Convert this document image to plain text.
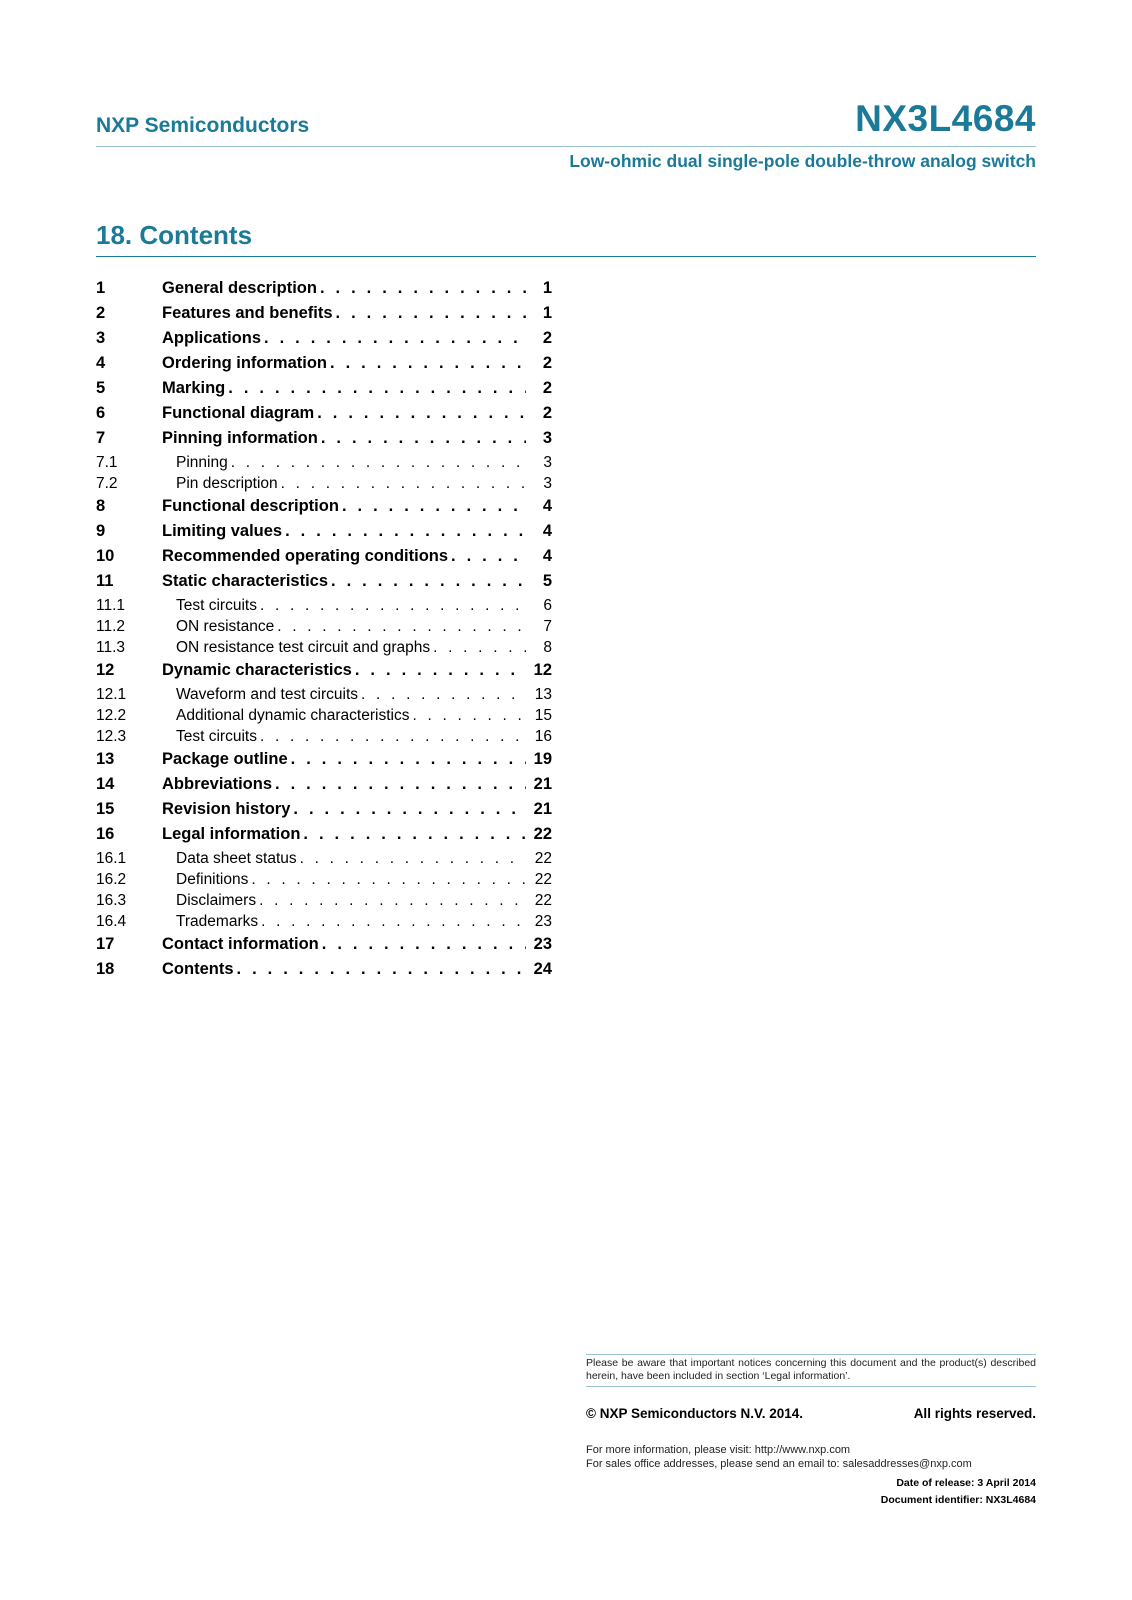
NXP Semiconductors	NX3L4684
Low-ohmic dual single-pole double-throw analog switch
18. Contents
1	General description . . .	1
2	Features and benefits . . .	1
3	Applications . . .	2
4	Ordering information . . .	2
5	Marking . . .	2
6	Functional diagram . . .	2
7	Pinning information . . .	3
7.1	Pinning . . .	3
7.2	Pin description . . .	3
8	Functional description . . .	4
9	Limiting values . . .	4
10	Recommended operating conditions . . .	4
11	Static characteristics . . .	5
11.1	Test circuits . . .	6
11.2	ON resistance . . .	7
11.3	ON resistance test circuit and graphs . . .	8
12	Dynamic characteristics . . .	12
12.1	Waveform and test circuits . . .	13
12.2	Additional dynamic characteristics . . .	15
12.3	Test circuits . . .	16
13	Package outline . . .	19
14	Abbreviations . . .	21
15	Revision history . . .	21
16	Legal information . . .	22
16.1	Data sheet status . . .	22
16.2	Definitions . . .	22
16.3	Disclaimers . . .	22
16.4	Trademarks . . .	23
17	Contact information . . .	23
18	Contents . . .	24
Please be aware that important notices concerning this document and the product(s) described herein, have been included in section ‘Legal information’.
© NXP Semiconductors N.V. 2014.	All rights reserved.
For more information, please visit: http://www.nxp.com
For sales office addresses, please send an email to: salesaddresses@nxp.com
Date of release: 3 April 2014
Document identifier: NX3L4684
